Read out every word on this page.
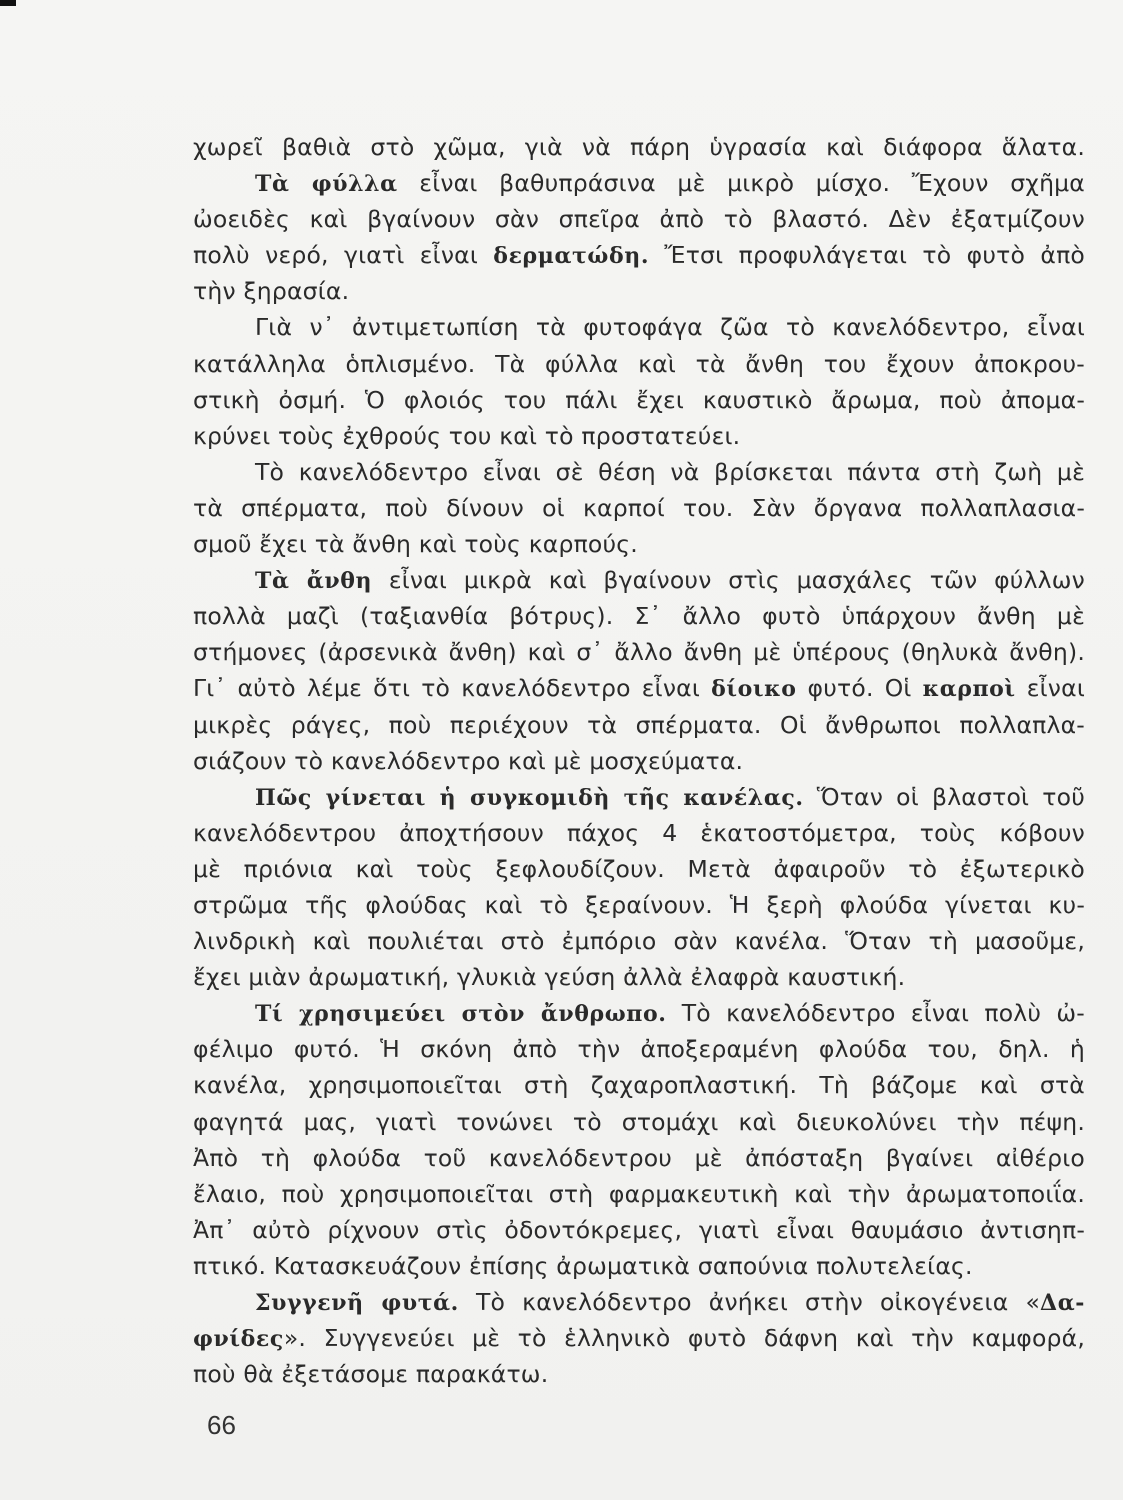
χωρεῖ βαθιὰ στὸ χῶμα, γιὰ νὰ πάρη ὑγρασία καὶ διάφορα ἅλατα.
Τὰ φύλλα εἶναι βαθυπράσινα μὲ μικρὸ μίσχο. Ἔχουν σχῆμα
ὠοειδὲς καὶ βγαίνουν σὰν σπεῖρα ἀπὸ τὸ βλαστό. Δὲν ἐξατμίζουν
πολὺ νερό, γιατὶ εἶναι δερματώδη. Ἔτσι προφυλάγεται τὸ φυτὸ ἀπὸ
τὴν ξηρασία.
Γιὰ ν᾽ ἀντιμετωπίση τὰ φυτοφάγα ζῶα τὸ κανελόδεντρο, εἶναι
κατάλληλα ὁπλισμένο. Τὰ φύλλα καὶ τὰ ἄνθη του ἔχουν ἀποκρου-
στικὴ ὀσμή. Ὁ φλοιός του πάλι ἔχει καυστικὸ ἄρωμα, ποὺ ἀπομα-
κρύνει τοὺς ἐχθρούς του καὶ τὸ προστατεύει.
Τὸ κανελόδεντρο εἶναι σὲ θέση νὰ βρίσκεται πάντα στὴ ζωὴ μὲ
τὰ σπέρματα, ποὺ δίνουν οἱ καρποί του. Σὰν ὄργανα πολλαπλασια-
σμοῦ ἔχει τὰ ἄνθη καὶ τοὺς καρπούς.
Τὰ ἄνθη εἶναι μικρὰ καὶ βγαίνουν στὶς μασχάλες τῶν φύλλων
πολλὰ μαζὶ (ταξιανθία βότρυς). Σ᾽ ἄλλο φυτὸ ὑπάρχουν ἄνθη μὲ
στήμονες (ἀρσενικὰ ἄνθη) καὶ σ᾽ ἄλλο ἄνθη μὲ ὑπέρους (θηλυκὰ ἄνθη).
Γι᾽ αὐτὸ λέμε ὅτι τὸ κανελόδεντρο εἶναι δίοικο φυτό. Οἱ καρποὶ εἶναι
μικρὲς ράγες, ποὺ περιέχουν τὰ σπέρματα. Οἱ ἄνθρωποι πολλαπλα-
σιάζουν τὸ κανελόδεντρο καὶ μὲ μοσχεύματα.
Πῶς γίνεται ἡ συγκομιδὴ τῆς κανέλας. Ὅταν οἱ βλαστοὶ τοῦ
κανελόδεντρου ἀποχτήσουν πάχος 4 ἑκατοστόμετρα, τοὺς κόβουν
μὲ πριόνια καὶ τοὺς ξεφλουδίζουν. Μετὰ ἀφαιροῦν τὸ ἐξωτερικὸ
στρῶμα τῆς φλούδας καὶ τὸ ξεραίνουν. Ἡ ξερὴ φλούδα γίνεται κυ-
λινδρικὴ καὶ πουλιέται στὸ ἐμπόριο σὰν κανέλα. Ὅταν τὴ μασοῦμε,
ἔχει μιὰν ἀρωματική, γλυκιὰ γεύση ἀλλὰ ἐλαφρὰ καυστική.
Τί χρησιμεύει στὸν ἄνθρωπο. Τὸ κανελόδεντρο εἶναι πολὺ ὠ-
φέλιμο φυτό. Ἡ σκόνη ἀπὸ τὴν ἀποξεραμένη φλούδα του, δηλ. ἡ
κανέλα, χρησιμοποιεῖται στὴ ζαχαροπλαστική. Τὴ βάζομε καὶ στὰ
φαγητά μας, γιατὶ τονώνει τὸ στομάχι καὶ διευκολύνει τὴν πέψη.
Ἀπὸ τὴ φλούδα τοῦ κανελόδεντρου μὲ ἀπόσταξη βγαίνει αἰθέριο
ἔλαιο, ποὺ χρησιμοποιεῖται στὴ φαρμακευτικὴ καὶ τὴν ἀρωματοποιΐα.
Ἀπ᾽ αὐτὸ ρίχνουν στὶς ὀδοντόκρεμες, γιατὶ εἶναι θαυμάσιο ἀντισηπ-
πτικό. Κατασκευάζουν ἐπίσης ἀρωματικὰ σαπούνια πολυτελείας.
Συγγενῆ φυτά. Τὸ κανελόδεντρο ἀνήκει στὴν οἰκογένεια «Δα-
φνίδες». Συγγενεύει μὲ τὸ ἑλληνικὸ φυτὸ δάφνη καὶ τὴν καμφορά,
ποὺ θὰ ἐξετάσομε παρακάτω.
66
